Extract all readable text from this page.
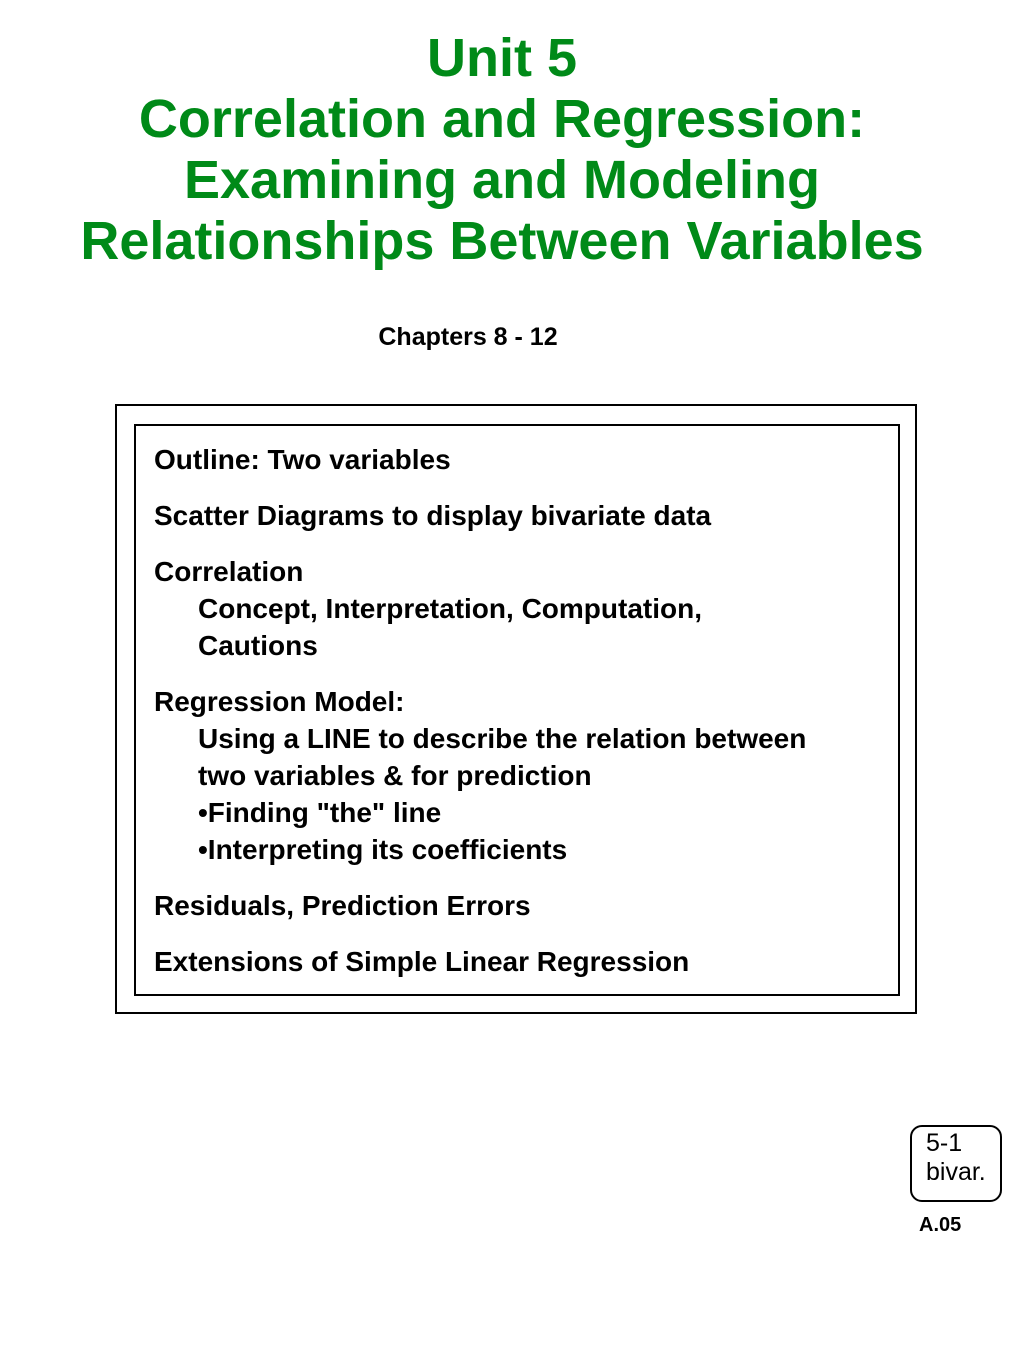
Unit 5
Correlation and Regression:
Examining and Modeling
Relationships Between Variables
Chapters 8 - 12
Outline: Two variables
Scatter Diagrams to display bivariate data
Correlation
Concept, Interpretation, Computation,
Cautions
Regression Model:
Using a LINE to describe the relation between
two variables & for prediction
•Finding "the" line
•Interpreting its coefficients
Residuals, Prediction Errors
Extensions of Simple Linear Regression
5-1
bivar.
A.05
